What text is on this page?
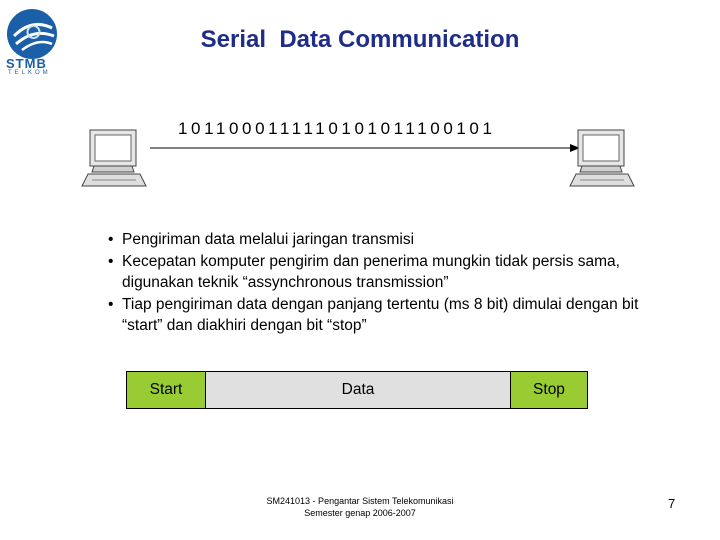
STMB
TELKOM
Serial  Data Communication
1011000111110101011100101
• Pengiriman data melalui jaringan transmisi
• Kecepatan komputer pengirim dan penerima mungkin tidak persis sama, digunakan teknik “assynchronous transmission”
• Tiap pengiriman data dengan panjang tertentu (ms 8 bit) dimulai dengan bit “start” dan diakhiri dengan bit “stop”
Start	Data	Stop
SM241013 - Pengantar Sistem Telekomunikasi
Semester genap 2006-2007
7
